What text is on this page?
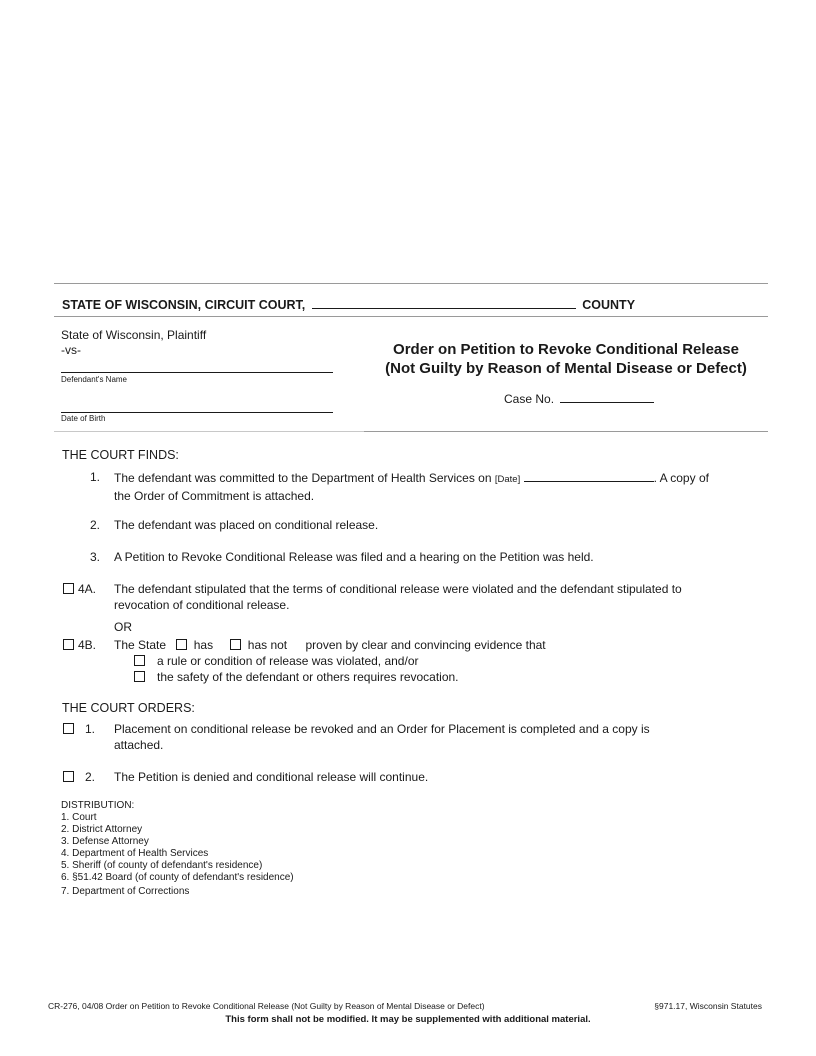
STATE OF WISCONSIN, CIRCUIT COURT,	COUNTY
State of Wisconsin, Plaintiff
-vs-
Defendant's Name
Date of Birth
Order on Petition to Revoke Conditional Release
(Not Guilty by Reason of Mental Disease or Defect)
Case No.
THE COURT FINDS:
1. The defendant was committed to the Department of Health Services on [Date]	. A copy of
the Order of Commitment is attached.
2. The defendant was placed on conditional release.
3. A Petition to Revoke Conditional Release was filed and a hearing on the Petition was held.
4A. The defendant stipulated that the terms of conditional release were violated and the defendant stipulated to
revocation of conditional release.
OR
4B. The State has	has not proven by clear and convincing evidence that
a rule or condition of release was violated, and/or
the safety of the defendant or others requires revocation.
THE COURT ORDERS:
1. Placement on conditional release be revoked and an Order for Placement is completed and a copy is
attached.
2. The Petition is denied and conditional release will continue.
DISTRIBUTION:
1. Court
2. District Attorney
3. Defense Attorney
4. Department of Health Services
5. Sheriff (of county of defendant's residence)
6. §51.42 Board (of county of defendant's residence)
7. Department of Corrections
CR-276, 04/08 Order on Petition to Revoke Conditional Release (Not Guilty by Reason of Mental Disease or Defect)	§971.17, Wisconsin Statutes
This form shall not be modified. It may be supplemented with additional material.
